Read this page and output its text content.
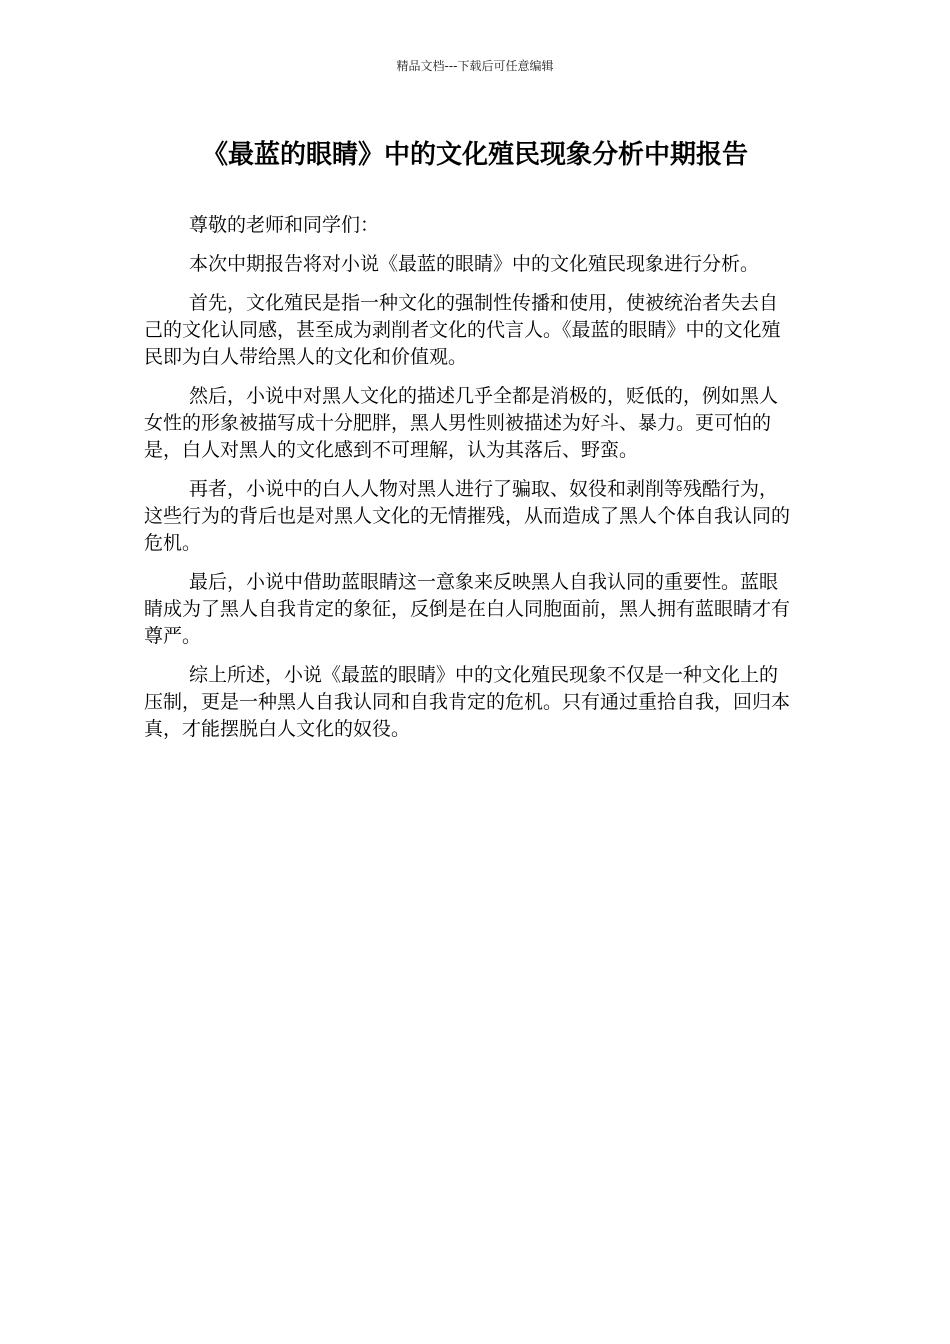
精品文档---下载后可任意编辑
《最蓝的眼睛》中的文化殖民现象分析中期报告

尊敬的老师和同学们：

本次中期报告将对小说《最蓝的眼睛》中的文化殖民现象进行分析。

首先，文化殖民是指一种文化的强制性传播和使用，使被统治者失去自己的文化认同感，甚至成为剥削者文化的代言人。《最蓝的眼睛》中的文化殖民即为白人带给黑人的文化和价值观。

然后，小说中对黑人文化的描述几乎全都是消极的，贬低的，例如黑人女性的形象被描写成十分肥胖，黑人男性则被描述为好斗、暴力。更可怕的是，白人对黑人的文化感到不可理解，认为其落后、野蛮。

再者，小说中的白人人物对黑人进行了骗取、奴役和剥削等残酷行为，这些行为的背后也是对黑人文化的无情摧残，从而造成了黑人个体自我认同的危机。

最后，小说中借助蓝眼睛这一意象来反映黑人自我认同的重要性。蓝眼睛成为了黑人自我肯定的象征，反倒是在白人同胞面前，黑人拥有蓝眼睛才有尊严。

综上所述，小说《最蓝的眼睛》中的文化殖民现象不仅是一种文化上的压制，更是一种黑人自我认同和自我肯定的危机。只有通过重拾自我，回归本真，才能摆脱白人文化的奴役。
